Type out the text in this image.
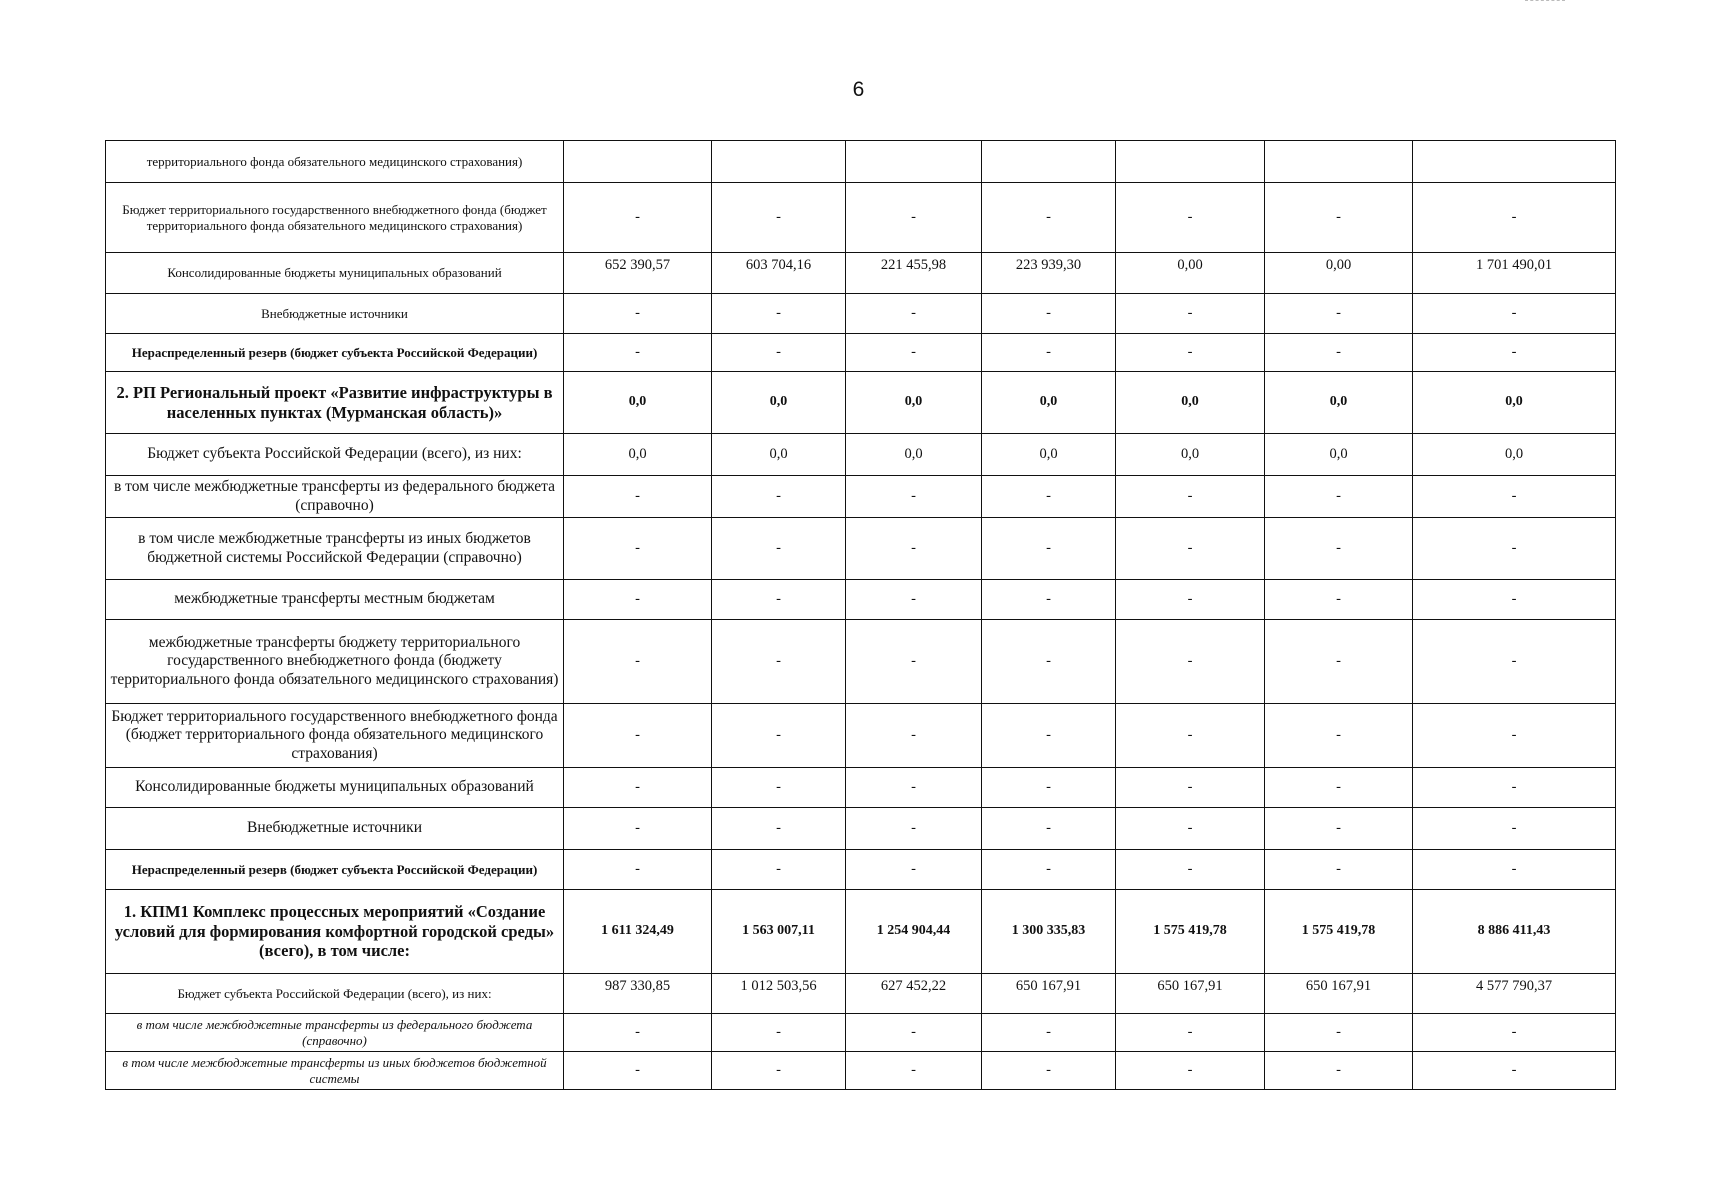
6
территориального фонда обязательного медицинского страхования)							
Бюджет территориального государственного внебюджетного фонда (бюджет территориального фонда обязательного медицинского страхования)	-	-	-	-	-	-	-
Консолидированные бюджеты муниципальных образований	652 390,57	603 704,16	221 455,98	223 939,30	0,00	0,00	1 701 490,01
Внебюджетные источники	-	-	-	-	-	-	-
Нераспределенный резерв (бюджет субъекта Российской Федерации)	-	-	-	-	-	-	-
2. РП Региональный проект «Развитие инфраструктуры в населенных пунктах (Мурманская область)»	0,0	0,0	0,0	0,0	0,0	0,0	0,0
Бюджет субъекта Российской Федерации (всего), из них:	0,0	0,0	0,0	0,0	0,0	0,0	0,0
в том числе межбюджетные трансферты из федерального бюджета (справочно)	-	-	-	-	-	-	-
в том числе межбюджетные трансферты из иных бюджетов бюджетной системы Российской Федерации (справочно)	-	-	-	-	-	-	-
межбюджетные трансферты местным бюджетам	-	-	-	-	-	-	-
межбюджетные трансферты бюджету территориального государственного внебюджетного фонда (бюджету территориального фонда обязательного медицинского страхования)	-	-	-	-	-	-	-
Бюджет территориального государственного внебюджетного фонда (бюджет территориального фонда обязательного медицинского страхования)	-	-	-	-	-	-	-
Консолидированные бюджеты муниципальных образований	-	-	-	-	-	-	-
Внебюджетные источники	-	-	-	-	-	-	-
Нераспределенный резерв (бюджет субъекта Российской Федерации)	-	-	-	-	-	-	-
1. КПМ1 Комплекс процессных мероприятий «Создание условий для формирования комфортной городской среды» (всего), в том числе:	1 611 324,49	1 563 007,11	1 254 904,44	1 300 335,83	1 575 419,78	1 575 419,78	8 886 411,43
Бюджет субъекта Российской Федерации (всего), из них:	987 330,85	1 012 503,56	627 452,22	650 167,91	650 167,91	650 167,91	4 577 790,37
в том числе межбюджетные трансферты из федерального бюджета (справочно)	-	-	-	-	-	-	-
в том числе межбюджетные трансферты из иных бюджетов бюджетной системы	-	-	-	-	-	-	-
